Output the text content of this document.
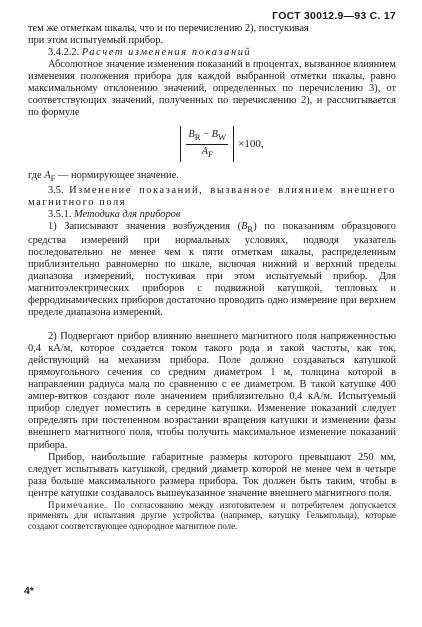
ГОСТ 30012.9—93 С. 17

тем же отметкам шкалы, что и по перечислению 2), постукивая

при этом испытуемый прибор.

3.4.2.2. Расчет изменения показаний

Абсолютное значение изменения показаний в процентах, вызванное влиянием изменения положения прибора для каждой выбранной отметки шкалы, равно максимальному отклонению значений, определенных по перечислению 3), от соответствующих значений, полученных по перечислению 2), и рассчитывается по формуле

$\frac{B_R - B_W}{A_F} \times 100$,

где $A_F$ — нормирующее значение.

3.5. Изменение показаний, вызванное влиянием внешнего магнитного поля

3.5.1. Методика для приборов

1) Записывают значения возбуждения $(B_R)$ по показаниям образцового средства измерений при нормальных условиях, подводя указатель последовательно не менее чем к пяти отметкам шкалы, распределенным приблизительно равномерно по шкале, включая нижний и верхний пределы диапазона измерений, постукивая при этом испытуемый прибор. Для магнитоэлектрических приборов с подвижной катушкой, тепловых и ферродинамических приборов достаточно проводить одно измерение при верхнем пределе диапазона измерений.

2) Подвергают прибор влиянию внешнего магнитного поля напряженностью 0,4 кА/м, которое создается током такого рода и такой частоты, как ток, действующий на механизм прибора. Поле должно создаваться катушкой прямоугольного сечения со средним диаметром 1 м, толщина которой в направлении радиуса мала по сравнению с ее диаметром. В такой катушке 400 ампер-витков создают поле значением приблизительно 0,4 кА/м. Испытуемый прибор следует поместить в середине катушки. Изменение показаний следует определять при постепенном возрастании вращения катушки и изменении фазы внешнего магнитного поля, чтобы получить максимальное изменение показаний прибора.

Прибор, наибольшие габаритные размеры которого превышают 250 мм, следует испытывать катушкой, средний диаметр которой не менее чем в четыре раза больше максимального размера прибора. Ток должен быть таким, чтобы в центре катушки создавалось вышеуказанное значение внешнего магнитного поля.

Примечание. По согласованию между изготовителем и потребителем допускается применять для испытания другие устройства (например, катушку Гельмгольца), которые создают соответствующее однородное магнитное поле.

4*
